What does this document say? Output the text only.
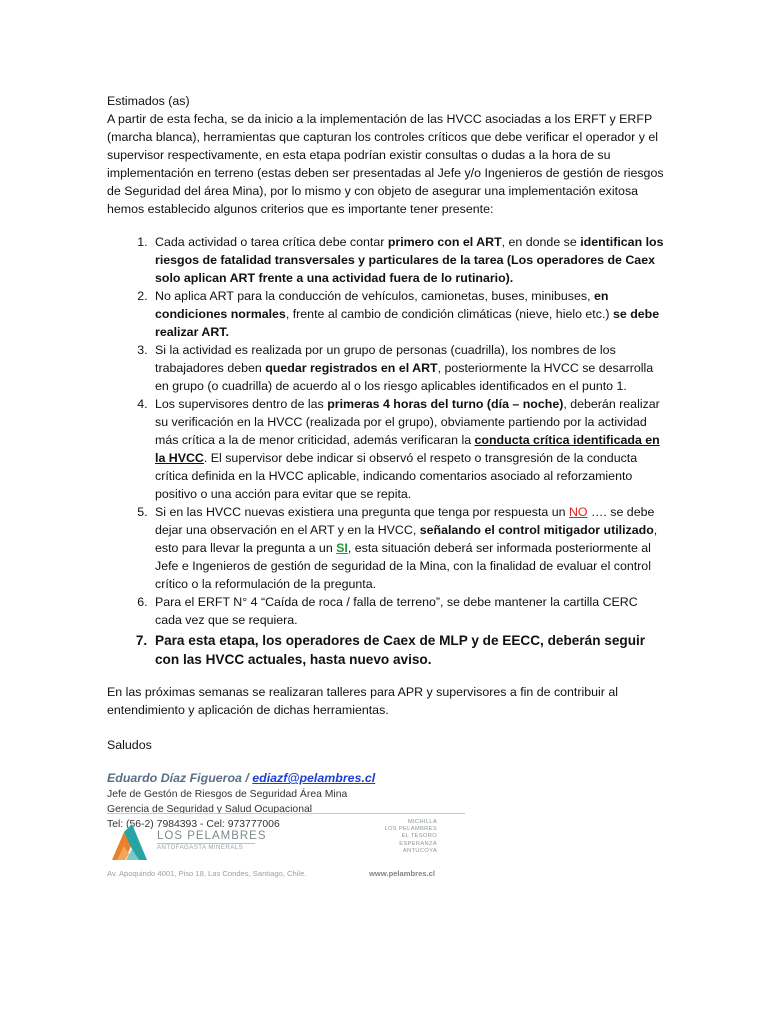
Estimados (as)

A partir de esta fecha, se da inicio a la implementación de las HVCC asociadas a los ERFT y ERFP (marcha blanca), herramientas que capturan los controles críticos que debe verificar el operador y el supervisor respectivamente, en esta etapa podrían existir consultas o dudas a la hora de su implementación en terreno (estas deben ser presentadas al Jefe y/o Ingenieros de gestión de riesgos de Seguridad del área Mina), por lo mismo y con objeto de asegurar una implementación exitosa hemos establecido algunos criterios que es importante tener presente:

1. Cada actividad o tarea crítica debe contar primero con el ART, en donde se identifican los riesgos de fatalidad transversales y particulares de la tarea (Los operadores de Caex solo aplican ART frente a una actividad fuera de lo rutinario).
2. No aplica ART para la conducción de vehículos, camionetas, buses, minibuses, en condiciones normales, frente al cambio de condición climáticas (nieve, hielo etc.) se debe realizar ART.
3. Si la actividad es realizada por un grupo de personas (cuadrilla), los nombres de los trabajadores deben quedar registrados en el ART, posteriormente la HVCC se desarrolla en grupo (o cuadrilla) de acuerdo al o los riesgo aplicables identificados en el punto 1.
4. Los supervisores dentro de las primeras 4 horas del turno (día – noche), deberán realizar su verificación en la HVCC (realizada por el grupo), obviamente partiendo por la actividad más crítica a la de menor criticidad, además verificaran la conducta crítica identificada en la HVCC. El supervisor debe indicar si observó el respeto o transgresión de la conducta crítica definida en la HVCC aplicable, indicando comentarios asociado al reforzamiento positivo o una acción para evitar que se repita.
5. Si en las HVCC nuevas existiera una pregunta que tenga por respuesta un NO …. se debe dejar una observación en el ART y en la HVCC, señalando el control mitigador utilizado, esto para llevar la pregunta a un SI, esta situación deberá ser informada posteriormente al Jefe e Ingenieros de gestión de seguridad de la Mina, con la finalidad de evaluar el control crítico o la reformulación de la pregunta.
6. Para el ERFT N° 4 “Caída de roca / falla de terreno”, se debe mantener la cartilla CERC cada vez que se requiera.
7. Para esta etapa, los operadores de Caex de MLP y de EECC, deberán seguir con las HVCC actuales, hasta nuevo aviso.

En las próximas semanas se realizaran talleres para APR y supervisores a fin de contribuir al entendimiento y aplicación de dichas herramientas.

Saludos

Eduardo Díaz Figueroa / ediazf@pelambres.cl
Jefe de Gestón de Riesgos de Seguridad Área Mina
Gerencia de Seguridad y Salud Ocupacional
Tel: (56-2) 7984393 - Cel: 973777006
LOS PELAMBRES
ANTOFAGASTA MINERALS
MICHILLA
LOS PELAMBRES
EL TESORO
ESPERANZA
ANTUCOYA
Av. Apoquindo 4001, Piso 18, Las Condes, Santiago, Chile.	www.pelambres.cl
